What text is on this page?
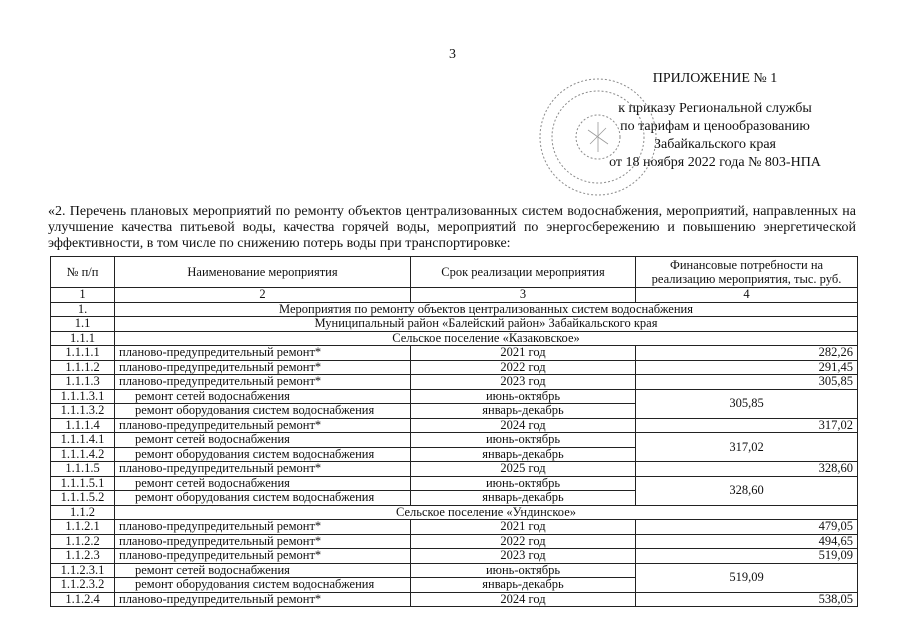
3
ПРИЛОЖЕНИЕ № 1
к приказу Региональной службы
по тарифам и ценообразованию
Забайкальского края
от 18 ноября 2022 года № 803-НПА
«2. Перечень плановых мероприятий по ремонту объектов централизованных систем водоснабжения, мероприятий, направленных на улучшение качества питьевой воды, качества горячей воды, мероприятий по энергосбережению и повышению энергетической эффективности, в том числе по снижению потерь воды при транспортировке:
№ п/п	Наименование мероприятия	Срок реализации мероприятия	Финансовые потребности на реализацию мероприятия, тыс. руб.
1	2	3	4
1.	Мероприятия по ремонту объектов централизованных систем водоснабжения		
1.1	Муниципальный район «Балейский район» Забайкальского края		
1.1.1	Сельское поселение «Казаковское»		
1.1.1.1	планово-предупредительный ремонт*	2021 год	282,26
1.1.1.2	планово-предупредительный ремонт*	2022 год	291,45
1.1.1.3	планово-предупредительный ремонт*	2023 год	305,85
1.1.1.3.1	ремонт сетей водоснабжения	июнь-октябрь	305,85
1.1.1.3.2	ремонт оборудования систем водоснабжения	январь-декабрь	
1.1.1.4	планово-предупредительный ремонт*	2024 год	317,02
1.1.1.4.1	ремонт сетей водоснабжения	июнь-октябрь	317,02
1.1.1.4.2	ремонт оборудования систем водоснабжения	январь-декабрь	
1.1.1.5	планово-предупредительный ремонт*	2025 год	328,60
1.1.1.5.1	ремонт сетей водоснабжения	июнь-октябрь	328,60
1.1.1.5.2	ремонт оборудования систем водоснабжения	январь-декабрь	
1.1.2	Сельское поселение «Ундинское»		
1.1.2.1	планово-предупредительный ремонт*	2021 год	479,05
1.1.2.2	планово-предупредительный ремонт*	2022 год	494,65
1.1.2.3	планово-предупредительный ремонт*	2023 год	519,09
1.1.2.3.1	ремонт сетей водоснабжения	июнь-октябрь	519,09
1.1.2.3.2	ремонт оборудования систем водоснабжения	январь-декабрь	
1.1.2.4	планово-предупредительный ремонт*	2024 год	538,05
